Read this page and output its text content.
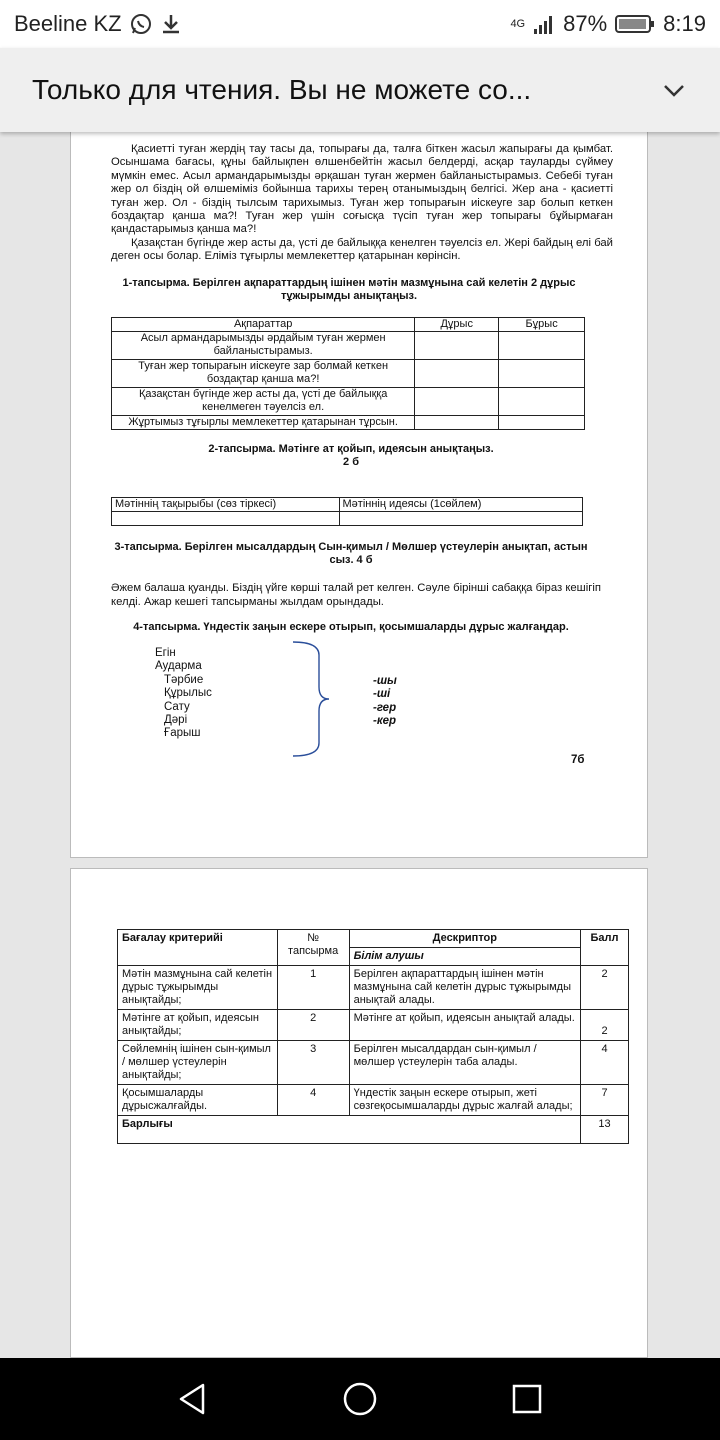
Beeline KZ	4G 87%	8:19
Только для чтения. Вы не можете со...

Қасиетті туған жердің тау тасы да, топырағы да, талға біткен жасыл жапырағы да қымбат. Осыншама бағасы, құны байлықпен өлшенбейтін жасыл белдерді, асқар тауларды сүймеу мүмкін емес. Асыл армандарымызды әрқашан туған жермен байланыстырамыз. Себебі туған жер ол біздің ой өлшеміміз бойынша тарихы терең отанымыздың белгісі. Жер ана - қасиетті туған жер. Ол - біздің тылсым тарихымыз. Туған жер топырағын иіскеуге зар болып кеткен боздақтар қанша ма?! Туған жер үшін соғысқа түсіп туған жер топырағы бұйырмаған қандастарымыз қанша ма?!

Қазақстан бүгінде жер асты да, үсті де байлыққа кенелген тәуелсіз ел. Жері байдың елі бай деген осы болар. Еліміз тұғырлы мемлекеттер қатарынан көрінсін.

1-тапсырма. Берілген ақпараттардың ішінен мәтін мазмұнына сай келетін 2 дұрыс тұжырымды анықтаңыз.
Ақпараттар	Дұрыс	Бұрыс
Асыл армандарымызды әрдайым туған жермен байланыстырамыз.		
Туған жер топырағын иіскеуге зар болмай кеткен боздақтар қанша ма?!		
Қазақстан бүгінде жер асты да, үсті де байлыққа кенелмеген тәуелсіз ел.		
Жұртымыз тұғырлы мемлекеттер қатарынан тұрсын.		
2-тапсырма. Мәтінге ат қойып, идеясын анықтаңыз.
2 б
Мәтіннің тақырыбы (сөз тіркесі)	Мәтіннің идеясы (1сөйлем)

3-тапсырма. Берілген мысалдардың Сын-қимыл / Мөлшер үстеулерін анықтап, астын сыз. 4 б
Әжем балаша қуанды. Біздің үйге көрші талай рет келген. Сәуле бірінші сабаққа біраз кешігіп келді. Ажар кешегі тапсырманы жылдам орындады.
4-тапсырма. Үндестік заңын ескере отырып, қосымшаларды дұрыс жалғаңдар.
Егін
Аударма
Тәрбие
Құрылыс
Сату
Дәрі
Ғарыш
-шы
-ші
-гер
-кер
7б
Бағалау критерийі	№ тапсырма	Дескриптор	Балл
		Білім алушы	
Мәтін мазмұнына сай келетін дұрыс тұжырымды анықтайды;	1	Берілген ақпараттардың ішінен мәтін мазмұнына сай келетін дұрыс тұжырымды анықтай алады.	2
Мәтінге ат қойып, идеясын анықтайды;	2	Мәтінге ат қойып, идеясын анықтай алады.	2
Сөйлемнің ішінен сын-қимыл / мөлшер үстеулерін анықтайды;	3	Берілген мысалдардан сын-қимыл / мөлшер үстеулерін таба алады.	4
Қосымшаларды дұрысжалғайды.	4	Үндестік заңын ескере отырып, жеті сөзгеқосымшаларды дұрыс жалғай алады;	7
Барлығы			13
